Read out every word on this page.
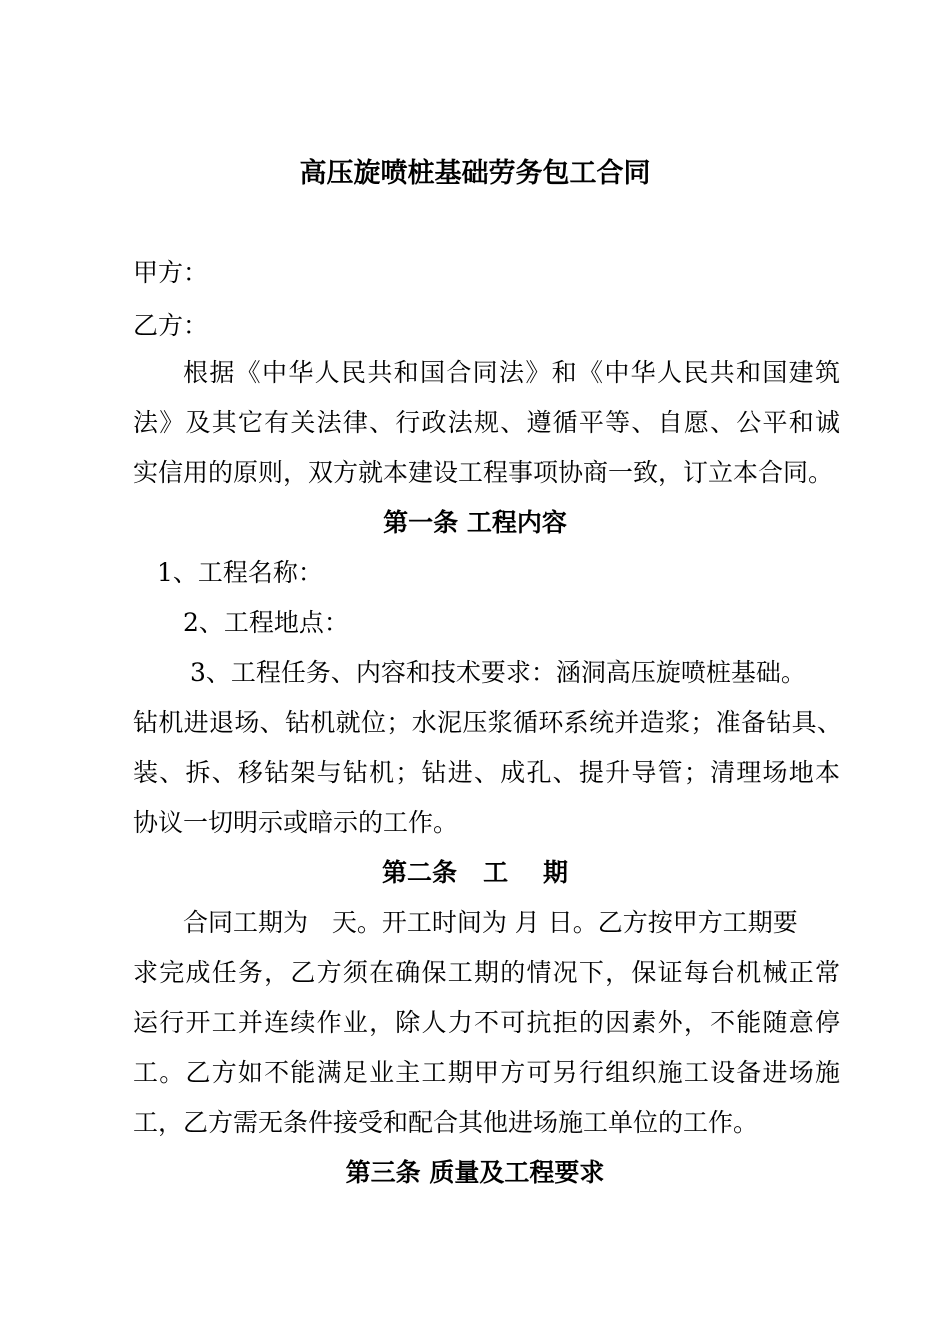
高压旋喷桩基础劳务包工合同
甲方：
乙方：
根据《中华人民共和国合同法》和《中华人民共和国建筑
法》及其它有关法律、行政法规、遵循平等、自愿、公平和诚
实信用的原则，双方就本建设工程事项协商一致，订立本合同。
第一条 工程内容
1、工程名称：
2、工程地点：
3、工程任务、内容和技术要求：涵洞高压旋喷桩基础。
钻机进退场、钻机就位；水泥压浆循环系统并造浆；准备钻具、
装、拆、移钻架与钻机；钻进、成孔、提升导管；清理场地本
协议一切明示或暗示的工作。
第二条   工    期
合同工期为   天。开工时间为 月 日。乙方按甲方工期要
求完成任务，乙方须在确保工期的情况下，保证每台机械正常
运行开工并连续作业，除人力不可抗拒的因素外，不能随意停
工。乙方如不能满足业主工期甲方可另行组织施工设备进场施
工，乙方需无条件接受和配合其他进场施工单位的工作。
第三条 质量及工程要求
